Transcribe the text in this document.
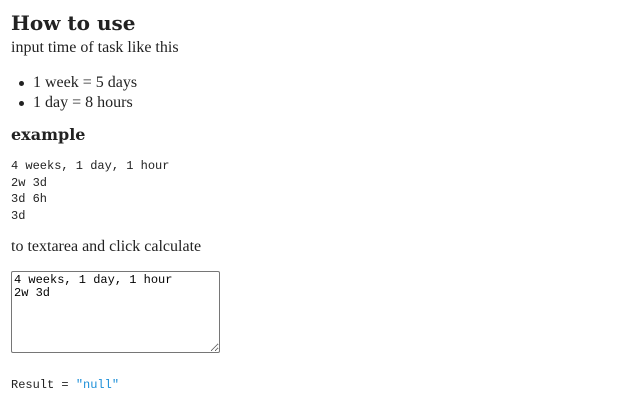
How to use
input time of task like this
1 week = 5 days
1 day = 8 hours
example
4 weeks, 1 day, 1 hour
2w 3d
3d 6h
3d
to textarea and click calculate
4 weeks, 1 day, 1 hour 2w 3d
Result = "null"
